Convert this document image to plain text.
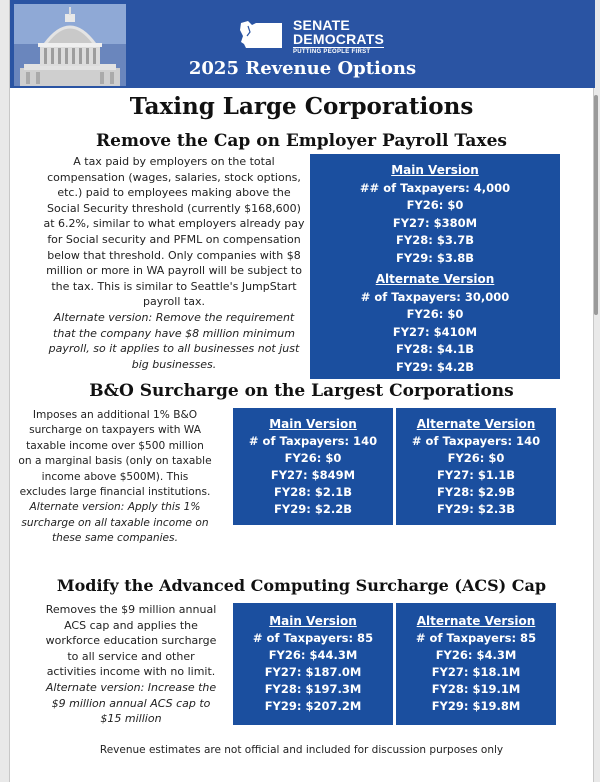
SENATE
DEMOCRATS
PUTTING PEOPLE FIRST
2025 Revenue Options
Taxing Large Corporations
Remove the Cap on Employer Payroll Taxes
A tax paid by employers on the total compensation (wages, salaries, stock options, etc.) paid to employees making above the Social Security threshold (currently $168,600) at 6.2%, similar to what employers already pay for Social security and PFML on compensation below that threshold. Only companies with $8 million or more in WA payroll will be subject to the tax. This is similar to Seattle's JumpStart payroll tax.
Alternate version: Remove the requirement that the company have $8 million minimum payroll, so it applies to all businesses not just big businesses.
Main Version
## of Taxpayers: 4,000
FY26: $0
FY27: $380M
FY28: $3.7B
FY29: $3.8B
Alternate Version
# of Taxpayers: 30,000
FY26: $0
FY27: $410M
FY28: $4.1B
FY29: $4.2B
B&O Surcharge on the Largest Corporations
Imposes an additional 1% B&O surcharge on taxpayers with WA taxable income over $500 million on a marginal basis (only on taxable income above $500M). This excludes large financial institutions.
Alternate version: Apply this 1% surcharge on all taxable income on these same companies.
Main Version
# of Taxpayers: 140
FY26: $0
FY27: $849M
FY28: $2.1B
FY29: $2.2B
Alternate Version
# of Taxpayers: 140
FY26: $0
FY27: $1.1B
FY28: $2.9B
FY29: $2.3B
Modify the Advanced Computing Surcharge (ACS) Cap
Removes the $9 million annual ACS cap and applies the workforce education surcharge to all service and other activities income with no limit.
Alternate version: Increase the $9 million annual ACS cap to $15 million
Main Version
# of Taxpayers: 85
FY26: $44.3M
FY27: $187.0M
FY28: $197.3M
FY29: $207.2M
Alternate Version
# of Taxpayers: 85
FY26: $4.3M
FY27: $18.1M
FY28: $19.1M
FY29: $19.8M
Revenue estimates are not official and included for discussion purposes only
